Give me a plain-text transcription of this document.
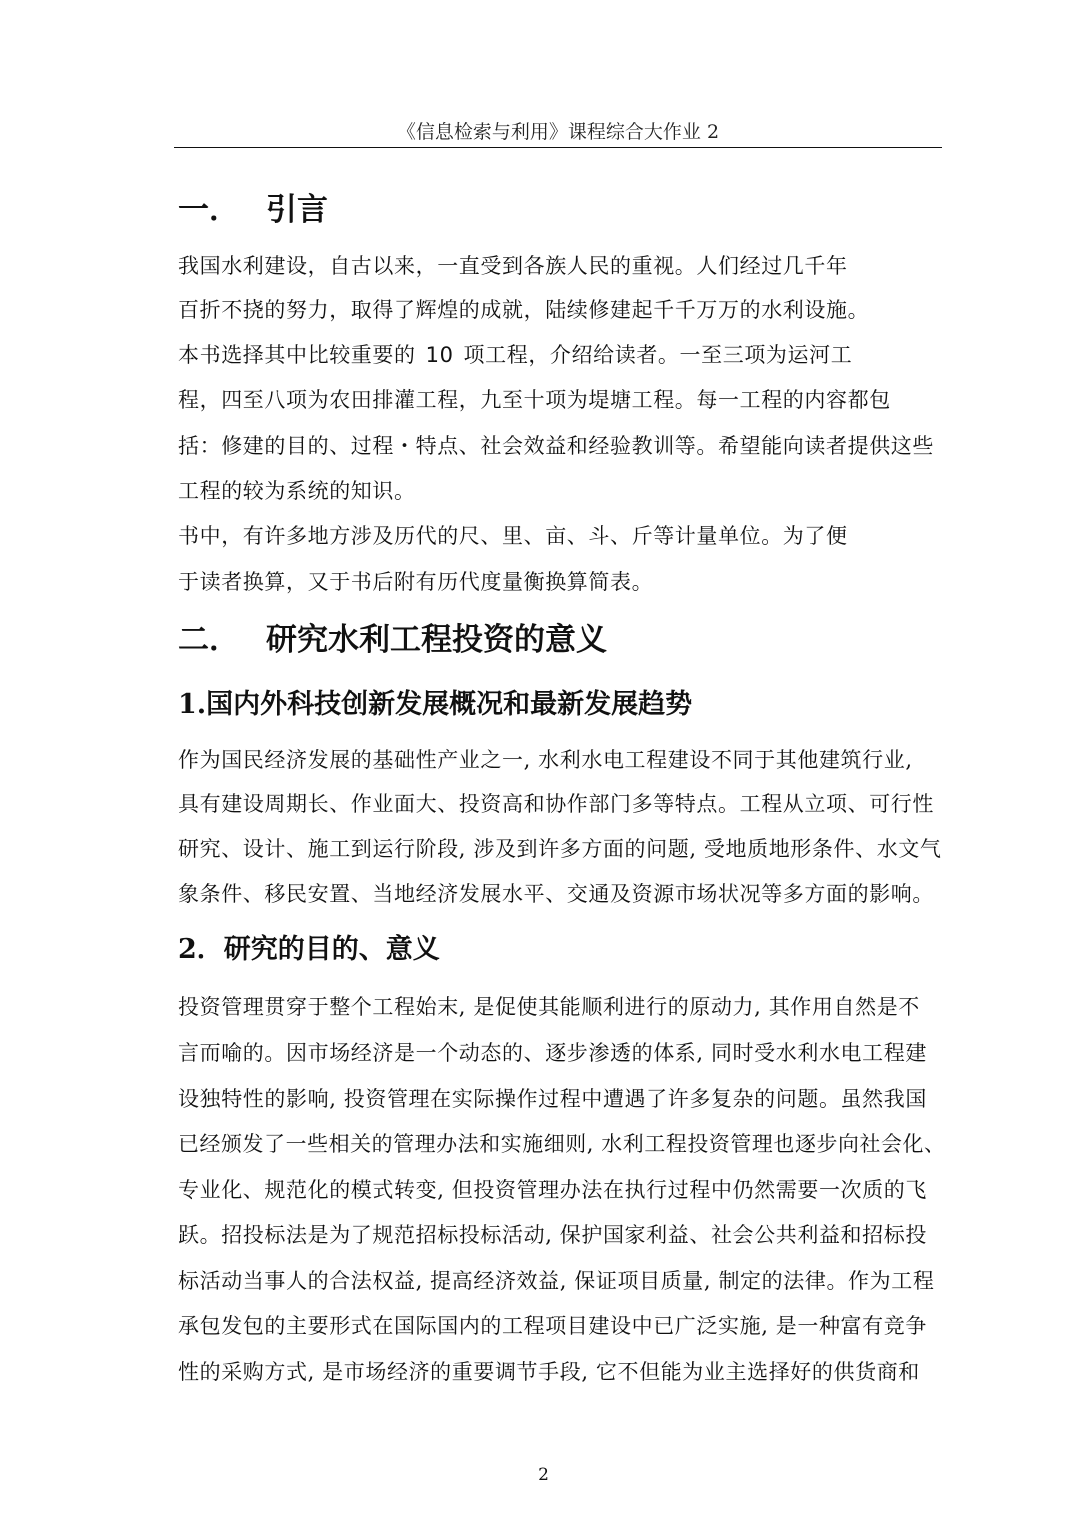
《信息检索与利用》课程综合大作业 2
一． 引言
我国水利建设，自古以来，一直受到各族人民的重视。人们经过几千年
百折不挠的努力，取得了辉煌的成就，陆续修建起千千万万的水利设施。
本书选择其中比较重要的 10 项工程，介绍给读者。一至三项为运河工
程，四至八项为农田排灌工程，九至十项为堤塘工程。每一工程的内容都包
括：修建的目的、过程・特点、社会效益和经验教训等。希望能向读者提供这些
工程的较为系统的知识。
书中，有许多地方涉及历代的尺、里、亩、斗、斤等计量单位。为了便
于读者换算，又于书后附有历代度量衡换算简表。
二． 研究水利工程投资的意义
1.国内外科技创新发展概况和最新发展趋势
作为国民经济发展的基础性产业之一, 水利水电工程建设不同于其他建筑行业,
具有建设周期长、作业面大、投资高和协作部门多等特点。工程从立项、可行性
研究、设计、施工到运行阶段, 涉及到许多方面的问题, 受地质地形条件、水文气
象条件、移民安置、当地经济发展水平、交通及资源市场状况等多方面的影响。
2．研究的目的、意义
投资管理贯穿于整个工程始末, 是促使其能顺利进行的原动力, 其作用自然是不
言而喻的。因市场经济是一个动态的、逐步渗透的体系, 同时受水利水电工程建
设独特性的影响, 投资管理在实际操作过程中遭遇了许多复杂的问题。虽然我国
已经颁发了一些相关的管理办法和实施细则, 水利工程投资管理也逐步向社会化、
专业化、规范化的模式转变, 但投资管理办法在执行过程中仍然需要一次质的飞
跃。招投标法是为了规范招标投标活动, 保护国家利益、社会公共利益和招标投
标活动当事人的合法权益, 提高经济效益, 保证项目质量, 制定的法律。作为工程
承包发包的主要形式在国际国内的工程项目建设中已广泛实施, 是一种富有竞争
性的采购方式, 是市场经济的重要调节手段, 它不但能为业主选择好的供货商和
2
